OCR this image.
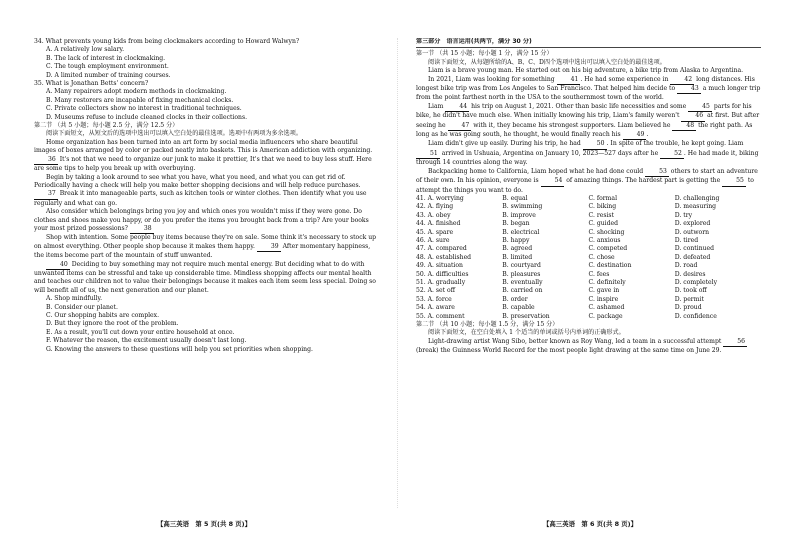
34. What prevents young kids from being clockmakers according to Howard Walwyn?

A. A relatively low salary.

B. The lack of interest in clockmaking.

C. The tough employment environment.

D. A limited number of training courses.

35. What is Jonathan Betts' concern?

A. Many repairers adopt modern methods in clockmaking.

B. Many restorers are incapable of fixing mechanical clocks.

C. Private collectors show no interest in traditional techniques.

D. Museums refuse to include cleaned clocks in their collections.

第二节 （共 5 小题；每小题 2.5 分，满分 12.5 分）

阅读下面短文，从短文后的选项中选出可以填入空白处的最佳选项。选项中有两项为多余选项。

Home organization has been turned into an art form by social media influencers who share beautiful images of boxes arranged by color or packed neatly into baskets. This is American addiction with organizing. 36 It's not that we need to organize our junk to make it prettier, It's that we need to buy less stuff. Here are some tips to help you break up with overbuying.

Begin by taking a look around to see what you have, what you need, and what you can get rid of. Periodically having a check will help you make better shopping decisions and will help reduce purchases. 37 Break it into manageable parts, such as kitchen tools or winter clothes. Then identify what you use regularly and what can go.

Also consider which belongings bring you joy and which ones you wouldn't miss if they were gone. Do clothes and shoes make you happy, or do you prefer the items you brought back from a trip? Are your books your most prized possessions?	38

Shop with intention. Some people buy items because they're on sale. Some think it's necessary to stock up on almost everything. Other people shop because it makes them happy.	39 After momentary happiness, the items become part of the mountain of stuff unwanted.

40 Deciding to buy something may not require much mental energy. But deciding what to do with unwanted items can be stressful and take up considerable time. Mindless shopping affects our mental health and teaches our children not to value their belongings because it makes each item seem less special. Doing so will benefit all of us, the next generation and our planet.

A. Shop mindfully.

B. Consider our planet.

C. Our shopping habits are complex.

D. But they ignore the root of the problem.

E. As a result, you'll cut down your entire household at once.

F. Whatever the reason, the excitement usually doesn't last long.

G. Knowing the answers to these questions will help you set priorities when shopping.

第三部分　语言运用(共两节，满分 30 分)

第一节 （共 15 小题；每小题 1 分，满分 15 分）

阅读下面短文，从每题所给的A、B、C、D四个选项中选出可以填入空白处的最佳选项。

Liam is a brave young man. He started out on his big adventure, a bike trip from Alaska to Argentina.

In 2021, Liam was looking for something	41 . He had some experience in	42 long distances. His longest bike trip was from Los Angeles to San Francisco. That helped him decide to	43 a much longer trip from the point farthest north in the USA to the southernmost town of the world.

Liam	44 his trip on August 1, 2021. Other than basic life necessities and some	45 parts for his bike, he didn't have much else. When initially knowing his trip, Liam's family weren't	46 at first. But after seeing he	47 with it, they became his strongest supporters. Liam believed he	48 the right path. As long as he was going south, he thought, he would finally reach his	49 .

Liam didn't give up easily. During his trip, he had	50 . In spite of the trouble, he kept going. Liam 51 arrived in Ushuaia, Argentina on January 10, 2023—527 days after he	52 . He had made it, biking through 14 countries along the way.

Backpacking home to California, Liam hoped what he had done could	53 others to start an adventure of their own. In his opinion, everyone is	54 of amazing things. The hardest part is getting the	55 to attempt the things you want to do.

41. A. worrying	B. equal	C. formal	D. challenging
42. A. flying	B. swimming	C. biking	D. measuring
43. A. obey	B. improve	C. resist	D. try
44. A. finished	B. began	C. guided	D. explored
45. A. spare	B. electrical	C. shocking	D. outworn
46. A. sure	B. happy	C. anxious	D. tired
47. A. compared	B. agreed	C. competed	D. continued
48. A. established	B. limited	C. chose	D. defeated
49. A. situation	B. courtyard	C. destination	D. road
50. A. difficulties	B. pleasures	C. fees	D. desires
51. A. gradually	B. eventually	C. definitely	D. completely
52. A. set off	B. carried on	C. gave in	D. took off
53. A. force	B. order	C. inspire	D. permit
54. A. aware	B. capable	C. ashamed	D. proud
55. A. comment	B. preservation	C. package	D. confidence

第二节 （共 10 小题；每小题 1.5 分，满分 15 分）

阅读下面短文，在空白处填入 1 个适当的单词或括号内单词的正确形式。

Light-drawing artist Wang Sibo, better known as Roy Wang, led a team in a successful attempt	56 (break) the Guinness World Record for the most people light drawing at the same time on June 29.

【高三英语　第 5 页(共 8 页)】	【高三英语　第 6 页(共 8 页)】
